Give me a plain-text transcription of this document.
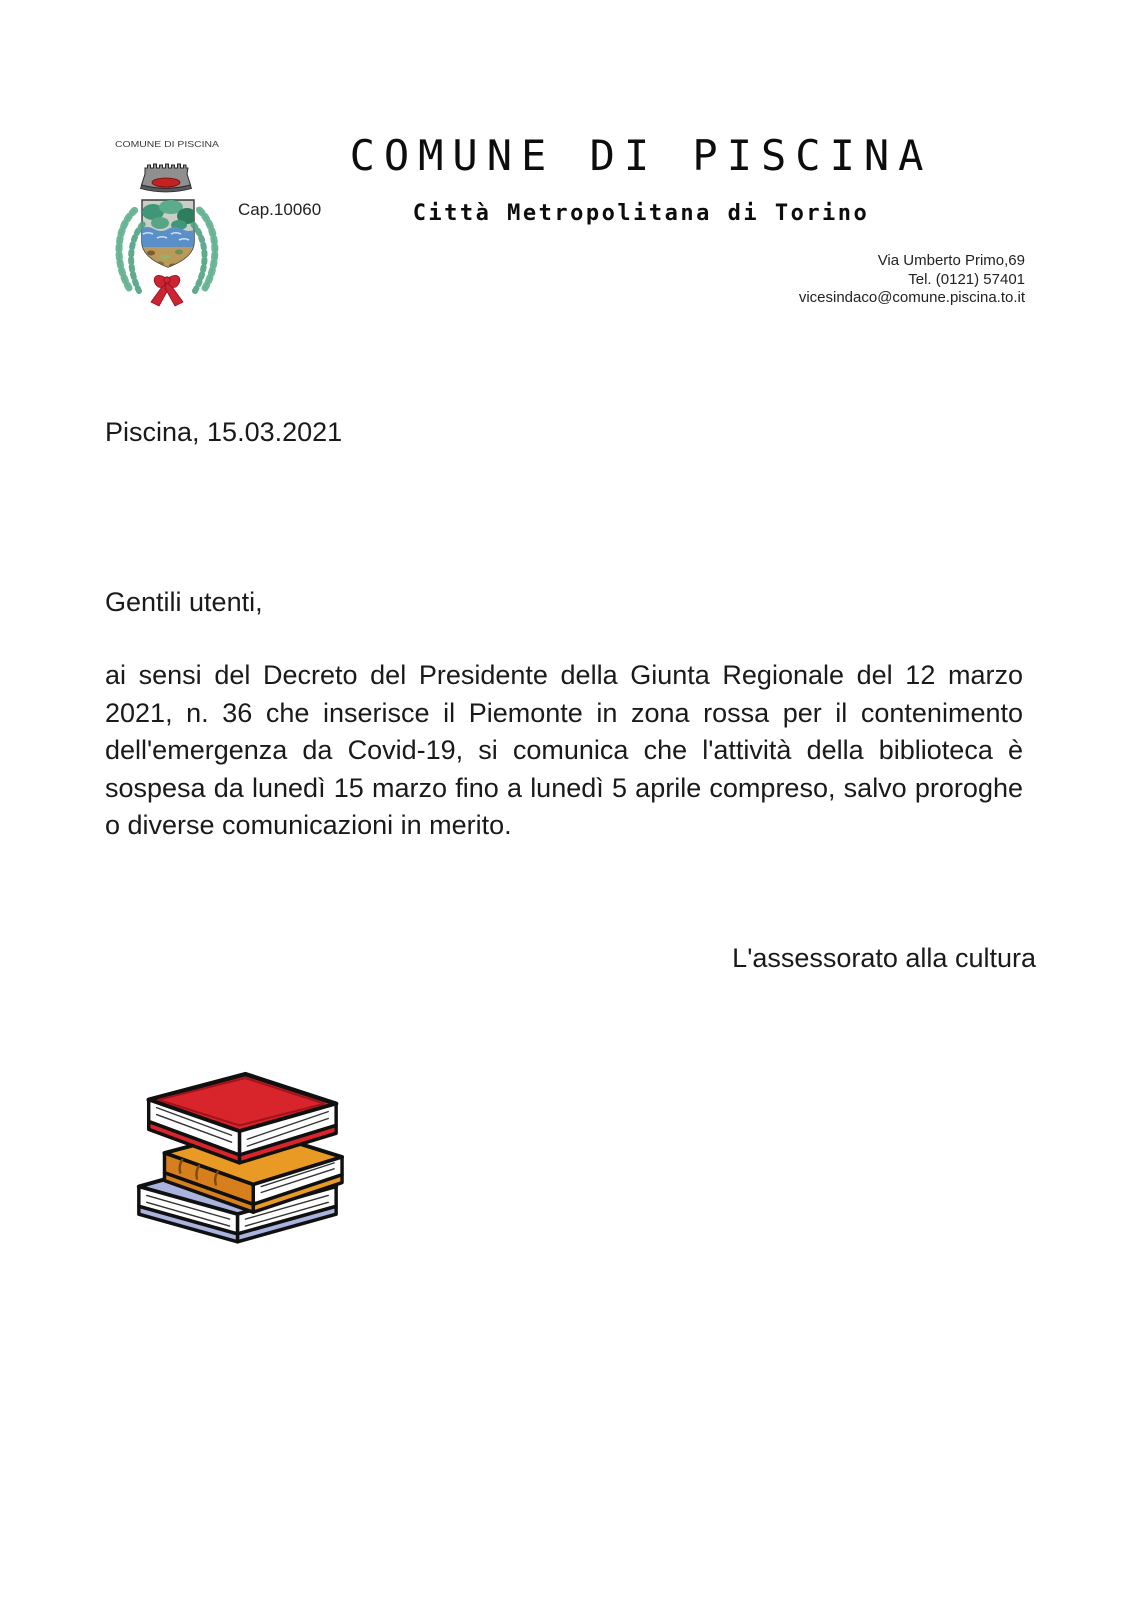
COMUNE DI PISCINA
Cap.10060
COMUNE DI PISCINA
Città Metropolitana di Torino
Via Umberto Primo,69
Tel. (0121) 57401
vicesindaco@comune.piscina.to.it
Piscina, 15.03.2021
Gentili utenti,

ai sensi del Decreto del Presidente della Giunta Regionale del 12 marzo 2021, n. 36 che inserisce il Piemonte in zona rossa per il contenimento dell'emergenza da Covid-19, si comunica che l'attività della biblioteca è sospesa da lunedì 15 marzo fino a lunedì 5 aprile compreso, salvo proroghe o diverse comunicazioni in merito.

L'assessorato alla cultura
